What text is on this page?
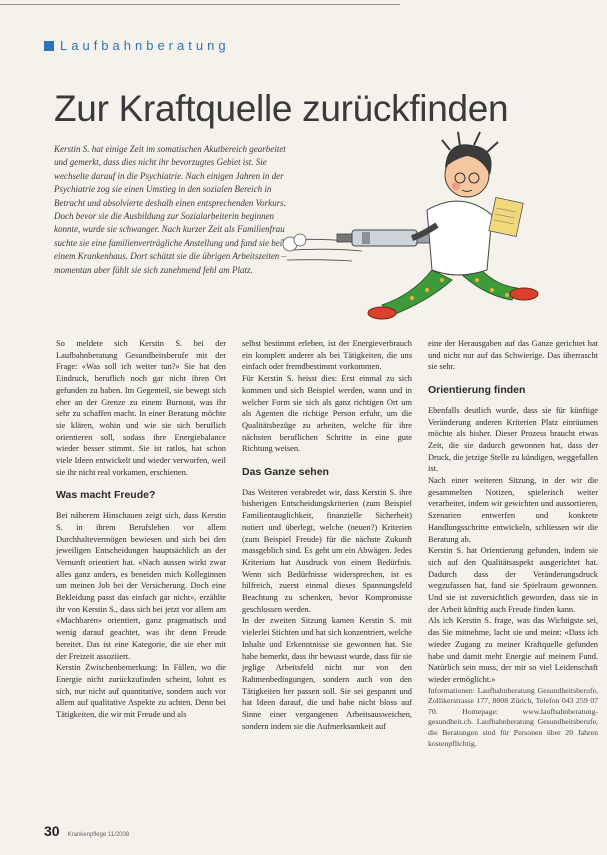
Laufbahnberatung
Zur Kraftquelle zurückfinden

Kerstin S. hat einige Zeit im somatischen Akutbereich gearbeitet und gemerkt, dass dies nicht ihr bevorzugtes Gebiet ist. Sie wechselte darauf in die Psychiatrie. Nach einigen Jahren in der Psychiatrie zog sie einen Umstieg in den sozialen Bereich in Betracht und absolvierte deshalb einen entsprechenden Vorkurs. Doch bevor sie die Ausbildung zur Sozialarbeiterin beginnen konnte, wurde sie schwanger. Nach kurzer Zeit als Familienfrau suchte sie eine familienverträgliche Anstellung und fand sie bei einem Krankenhaus. Dort schätzt sie die übrigen Arbeitszeiten – momentan aber fühlt sie sich zunehmend fehl am Platz.

So meldete sich Kerstin S. bei der Laufbahnberatung Gesundheitsberufe mit der Frage: «Was soll ich weiter tun?» Sie hat den Eindruck, beruflich noch gar nicht ihren Ort gefunden zu haben. Im Gegenteil, sie bewegt sich eher an der Grenze zu einem Burnout, was ihr sehr zu schaffen macht. In einer Beratung möchte sie klären, wohin und wie sie sich beruflich orientieren soll, sodass ihre Energiebalance wieder besser stimmt. Sie ist ratlos, hat schon viele Ideen entwickelt und wieder verworfen, weil sie ihr nicht real vorkamen, erschienen.

Was macht Freude?

Bei näherem Hinschauen zeigt sich, dass Kerstin S. in ihrem Berufsleben vor allem Durchhaltevermögen bewiesen und sich bei den jeweiligen Entscheidungen hauptsächlich an der Vernunft orientiert hat. «Nach aussen wirkt zwar alles ganz anders, es beneiden mich Kolleginnen um meinen Job bei der Versicherung. Doch eine Bekleidung passt das einfach gar nicht», erzählte ihr von Kerstin S., dass sich bei jetzt vor allem am «Machbaren» orientiert, ganz pragmatisch und wenig darauf geachtet, was ihr denn Freude bereitet. Das ist eine Kategorie, die sie eher mit der Freizeit assoziiert.

Kerstin Zwischenbemerkung: In Fällen, wo die Energie nicht zurückzufinden scheint, lohnt es sich, nur nicht auf quantitative, sondern auch vor allem auf qualitative Aspekte zu achten. Denn bei Tätigkeiten, die wir mit Freude und als

selbst bestimmt erleben, ist der Energieverbrauch ein komplett anderer als bei Tätigkeiten, die uns einfach oder fremdbestimmt vorkommen.

Für Kerstin S. heisst dies: Erst einmal zu sich kommen und sich Beispiel werden, wann und in welcher Form sie sich als ganz richtigen Ort um als Agenten die richtige Person erfuhr, um die Qualitätsbezüge zu arbeiten, welche für ihre nächsten beruflichen Schritte in eine gute Richtung weisen.

Das Ganze sehen

Das Weiteren verabredet wir, dass Kerstin S. ihre bisherigen Entscheidungskriterien (zum Beispiel Familientauglichkeit, finanzielle Sicherheit) notiert und überlegt, welche (neuen?) Kriterien (zum Beispiel Freude) für die nächste Zukunft massgeblich sind. Es geht um ein Abwägen. Jedes Kriterium hat Ausdruck von einem Bedürfnis. Wenn sich Bedürfnisse widersprechen, ist es hilfreich, zuerst einmal dieses Spannungsfeld Beachtung zu schenken, bevor Kompromisse geschlossen werden.

In der zweiten Sitzung kamen Kerstin S. mit vielerlei Stichten und hat sich konzentriert, welche Inhalte und Erkenntnisse sie gewonnen hat. Sie habe bemerkt, dass ihr bewusst wurde, dass für sie jeglige Arbeitsfeld nicht nur von den Rahmenbedingungen, sondern auch von den Tätigkeiten her passen soll. Sie sei gespannt und hat Ideen darauf, die und habe nicht bloss auf Sinne einer vergangenen Arbeitsausweichen, sondern indem sie die Aufmerksamkeit auf

eine der Herausgaben auf das Ganze gerichtet hat und nicht nur auf das Schwierige. Das überrascht sie sehr.

Orientierung finden

Ebenfalls deutlich wurde, dass sie für künftige Veränderung anderen Kriterien Platz einräumen möchte als bisher. Dieser Prozess braucht etwas Zeit, die sie dadurch gewonnen hat, dass der Druck, die jetzige Stelle zu kündigen, weggefallen ist.

Nach einer weiteren Sitzung, in der wir die gesammelten Notizen, spielerisch weiter verarbeitet, indem wir gewichten und aussortieren, Szenarien entwerfen und konkrete Handlungsschritte entwickeln, schliessen wir die Beratung ab.

Kerstin S. hat Orientierung gefunden, indem sie sich auf den Qualitätsaspekt ausgerichtet hat. Dadurch dass der Veränderungsdruck wegzufassen hat, fand sie Spielraum gewonnen. Und sie ist zuversichtlich geworden, dass sie in der Arbeit künftig auch Freude finden kann.

Als ich Kerstin S. frage, was das Wichtigste sei, das Sie mitnehme, lacht sie und meint: «Dass ich wieder Zugang zu meiner Kraftquelle gefunden habe und damit mehr Energie auf meinem Fund. Natürlich sein muss, der mir so viel Leidenschaft wieder ermöglicht.»

Informationen: Laufbahnberatung Gesundheitsberufe, Zollikerstrasse 177, 8008 Zürich, Telefon 043 259 07 70. Homepage: www.laufbahnberatung-gesundheit.ch. Laufbahnberatung Gesundheitsberufe, die Beratungen sind für Personen über 20 Jahren kostenpflichtig.

30 Krankenpflege 11/2008
